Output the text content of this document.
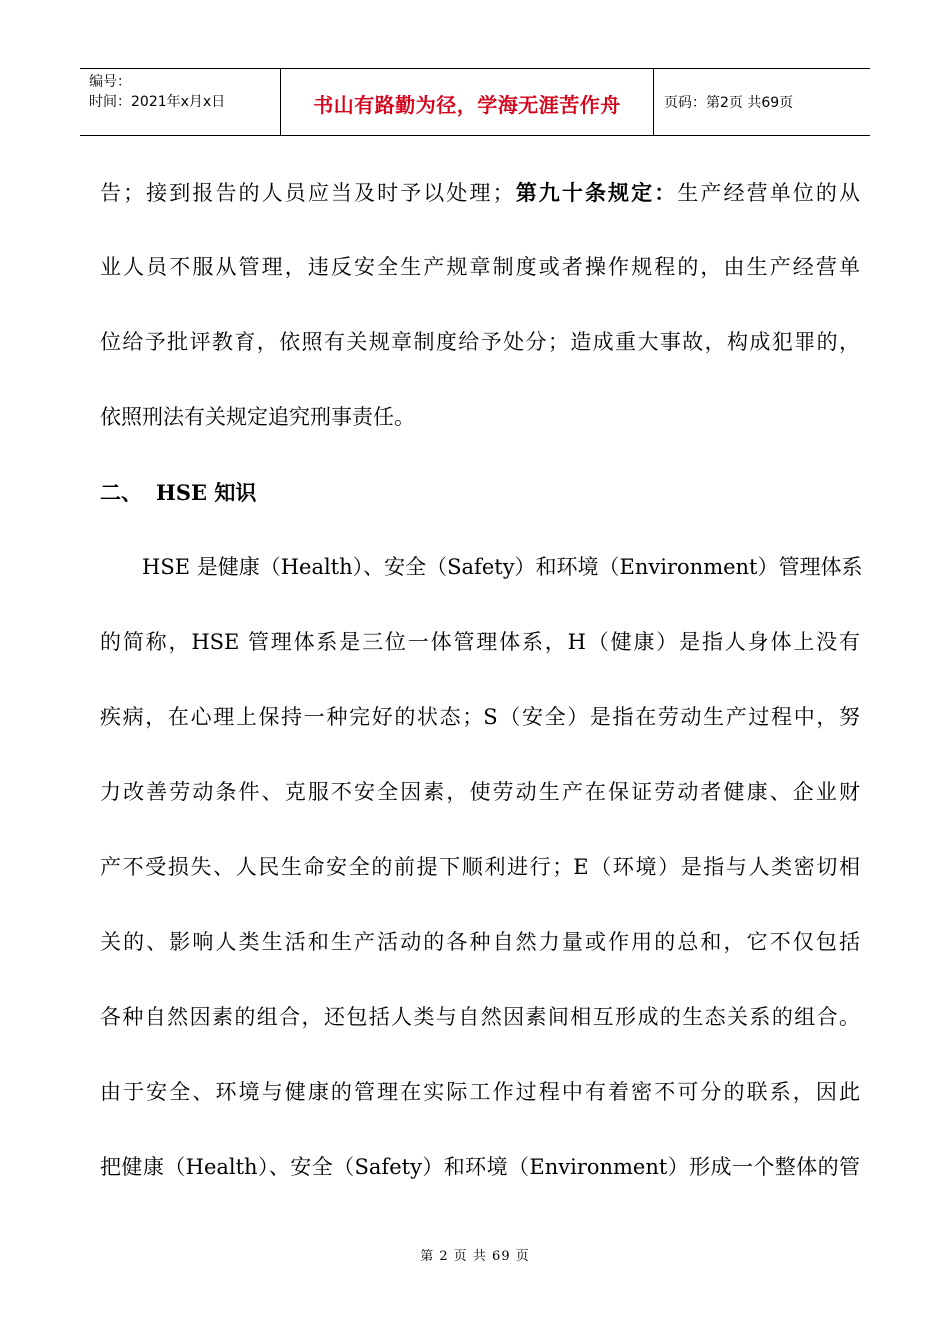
编号：
时间：2021年x月x日	书山有路勤为径，学海无涯苦作舟	页码：第2页 共69页
告；接到报告的人员应当及时予以处理；第九十条规定：生产经营单位的从
业人员不服从管理，违反安全生产规章制度或者操作规程的，由生产经营单
位给予批评教育，依照有关规章制度给予处分；造成重大事故，构成犯罪的，
依照刑法有关规定追究刑事责任。
二、 HSE 知识
HSE 是健康（Health）、安全（Safety）和环境（Environment）管理体系
的简称，HSE 管理体系是三位一体管理体系，H（健康）是指人身体上没有
疾病，在心理上保持一种完好的状态；S（安全）是指在劳动生产过程中，努
力改善劳动条件、克服不安全因素，使劳动生产在保证劳动者健康、企业财
产不受损失、人民生命安全的前提下顺利进行；E（环境）是指与人类密切相
关的、影响人类生活和生产活动的各种自然力量或作用的总和，它不仅包括
各种自然因素的组合，还包括人类与自然因素间相互形成的生态关系的组合。
由于安全、环境与健康的管理在实际工作过程中有着密不可分的联系，因此
把健康（Health）、安全（Safety）和环境（Environment）形成一个整体的管
第 2 页 共 69 页
